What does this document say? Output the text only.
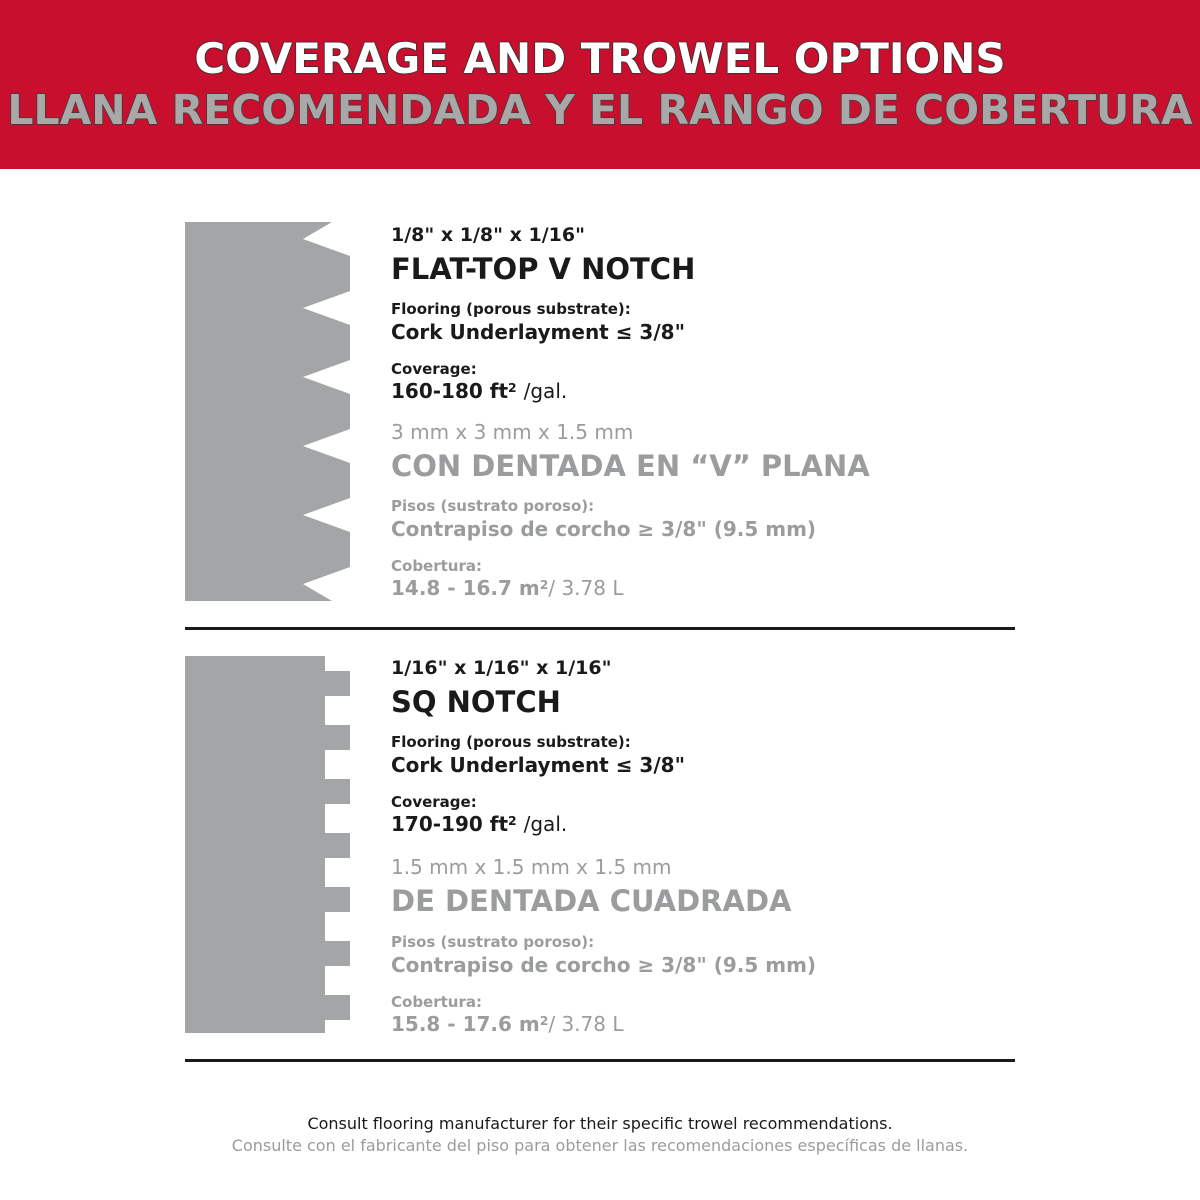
COVERAGE AND TROWEL OPTIONS
LLANA RECOMENDADA Y EL RANGO DE COBERTURA
1/8" x 1/8" x 1/16"
FLAT-TOP V NOTCH
Flooring (porous substrate):
Cork Underlayment ≤ 3/8"
Coverage:
160-180 $ft^2$ /gal.
3 mm x 3 mm x 1.5 mm
CON DENTADA EN “V” PLANA
Pisos (sustrato poroso):
Contrapiso de corcho ≥ 3/8" (9.5 mm)
Cobertura:
14.8 - 16.7 $m^2/$ 3.78 L
1/16" x 1/16" x 1/16"
SQ NOTCH
Flooring (porous substrate):
Cork Underlayment ≤ 3/8"
Coverage:
170-190 $ft^2$ /gal.
1.5 mm x 1.5 mm x 1.5 mm
DE DENTADA CUADRADA
Pisos (sustrato poroso):
Contrapiso de corcho ≥ 3/8" (9.5 mm)
Cobertura:
15.8 - 17.6 $m^2/$ 3.78 L
Consult flooring manufacturer for their specific trowel recommendations.
Consulte con el fabricante del piso para obtener las recomendaciones específicas de llanas.
